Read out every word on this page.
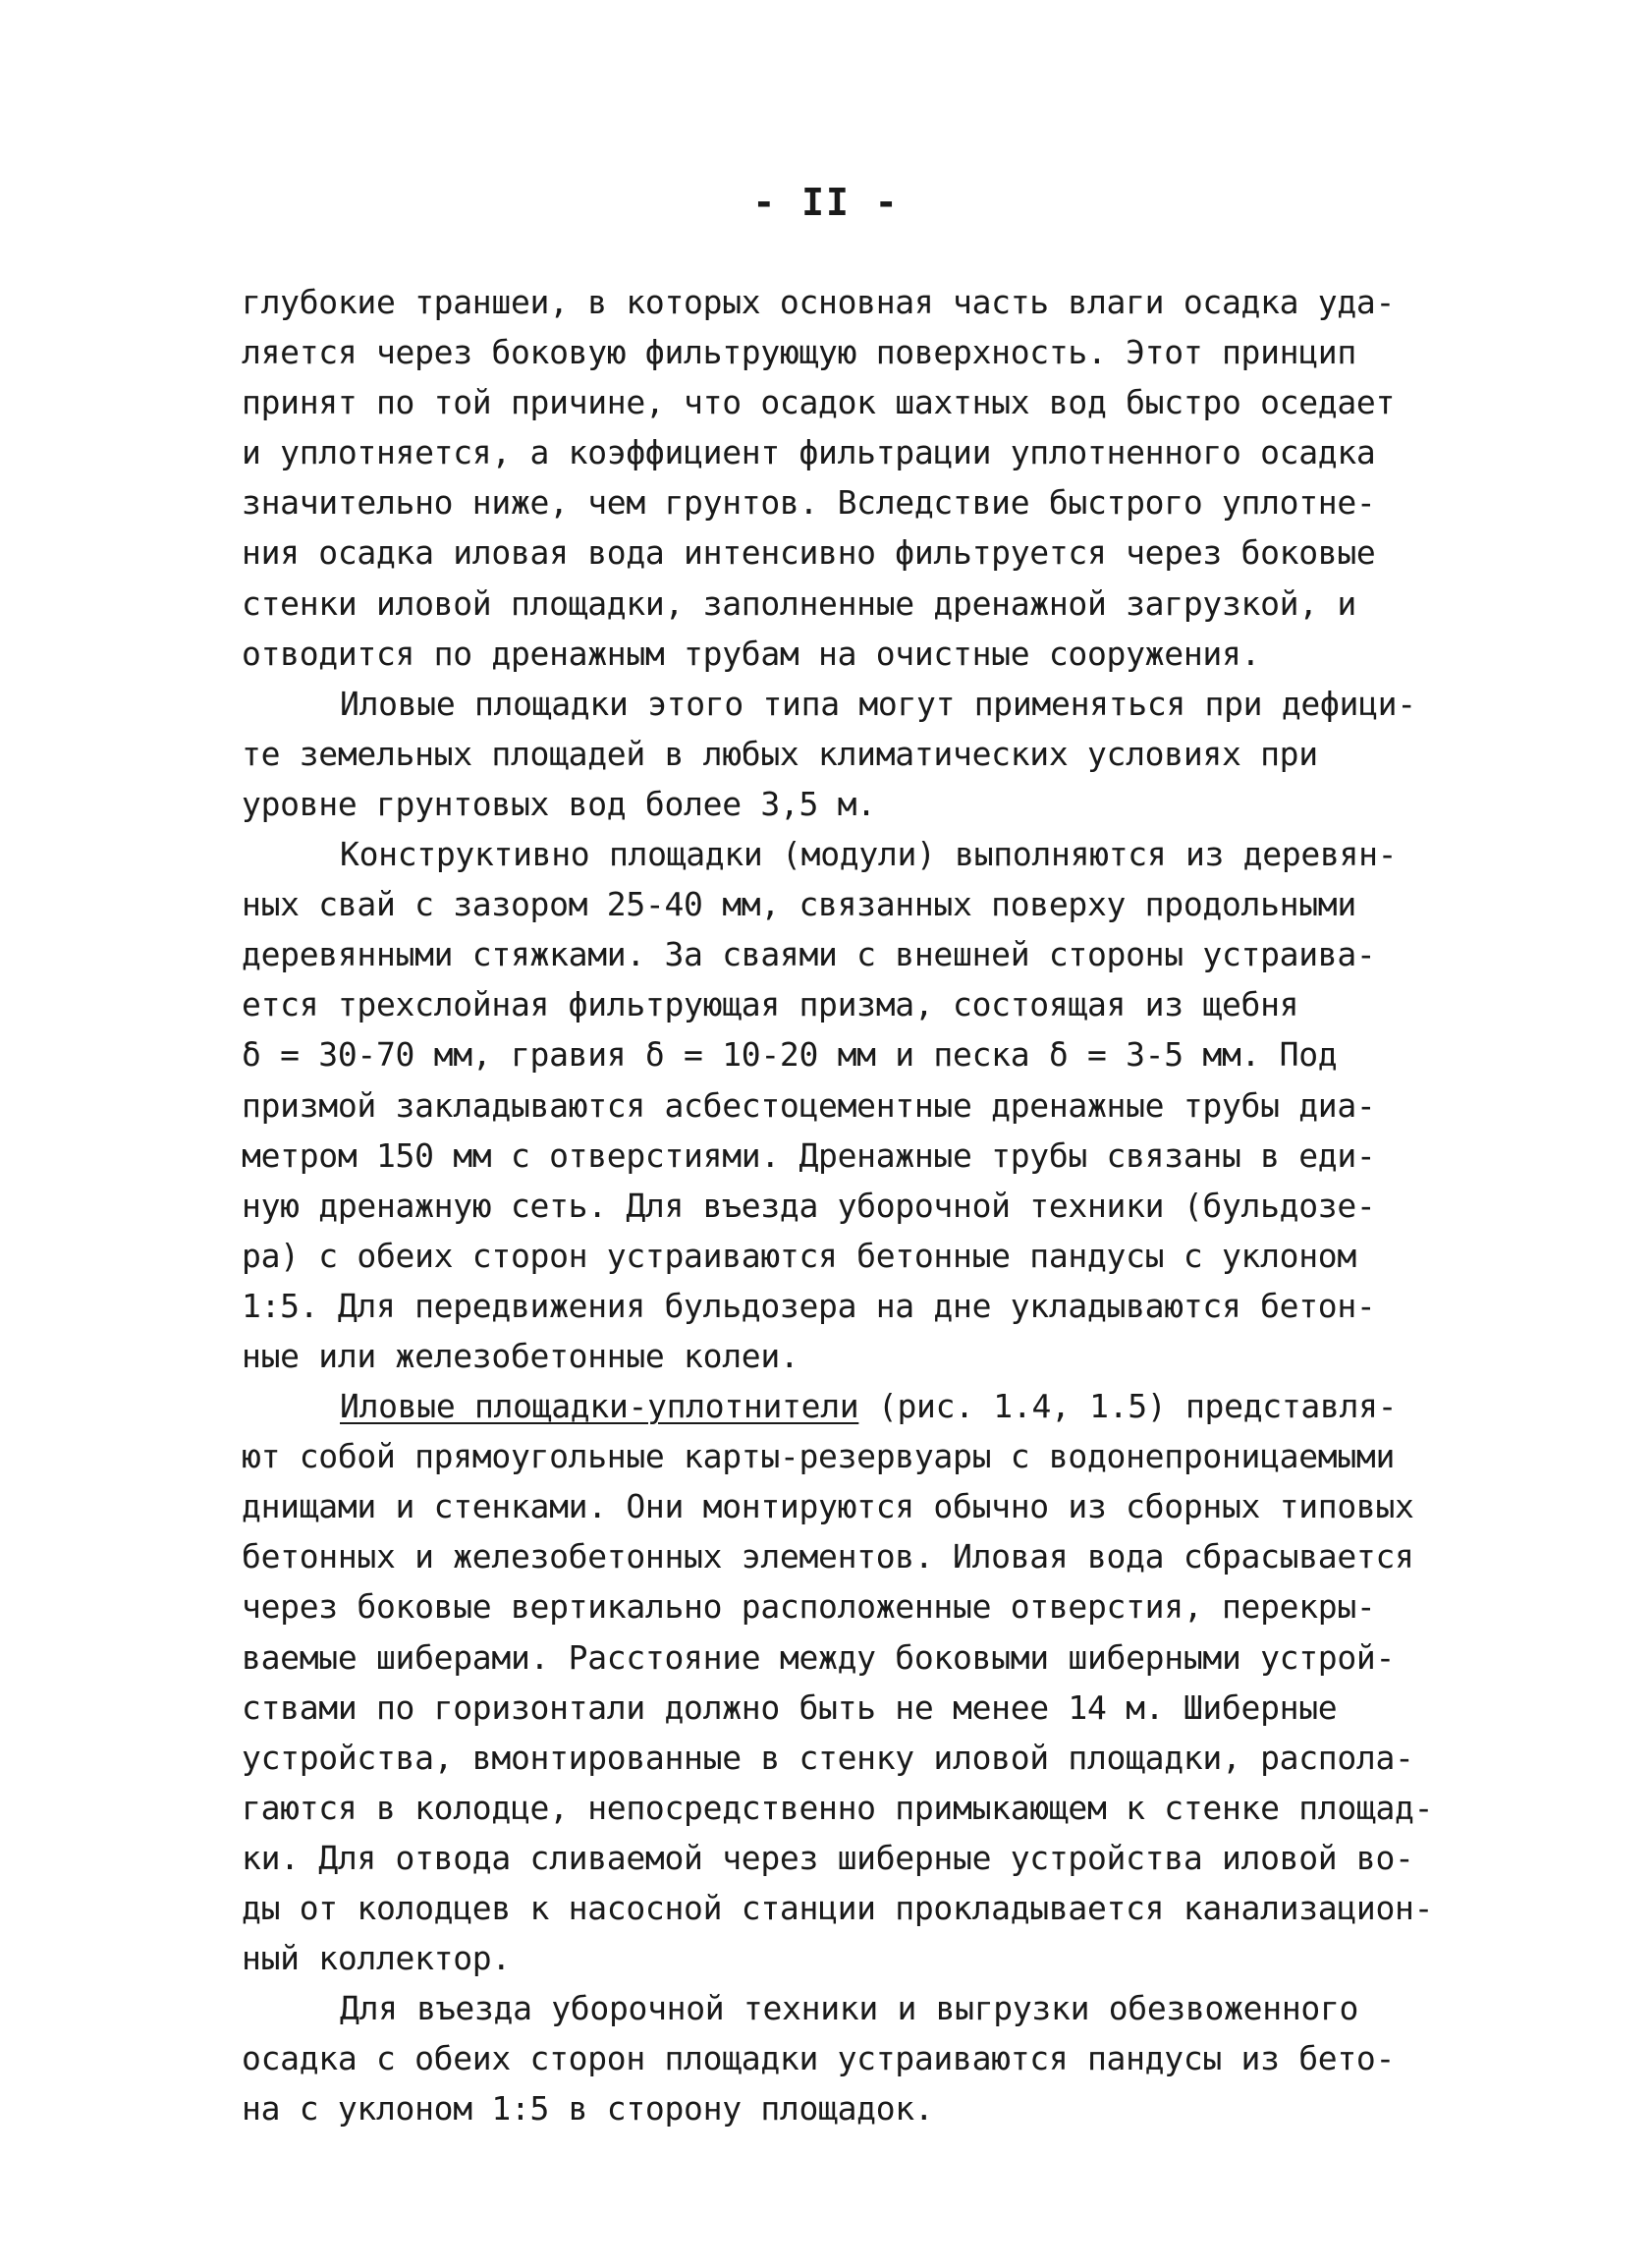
- II -
глубокие траншеи, в которых основная часть влаги осадка уда-
ляется через боковую фильтрующую поверхность. Этот принцип
принят по той причине, что осадок шахтных вод быстро оседает
и уплотняется, а коэффициент фильтрации уплотненного осадка
значительно ниже, чем грунтов. Вследствие быстрого уплотне-
ния осадка иловая вода интенсивно фильтруется через боковые
стенки иловой площадки, заполненные дренажной загрузкой, и
отводится по дренажным трубам на очистные сооружения.
Иловые площадки этого типа могут применяться при дефици-
те земельных площадей в любых климатических условиях при
уровне грунтовых вод более 3,5 м.
Конструктивно площадки (модули) выполняются из деревян-
ных свай с зазором 25-40 мм, связанных поверху продольными
деревянными стяжками. За сваями с внешней стороны устраива-
ется трехслойная фильтрующая призма, состоящая из щебня
δ = 30-70 мм, гравия δ = 10-20 мм и песка δ = 3-5 мм. Под
призмой закладываются асбестоцементные дренажные трубы диа-
метром 150 мм с отверстиями. Дренажные трубы связаны в еди-
ную дренажную сеть. Для въезда уборочной техники (бульдозе-
ра) с обеих сторон устраиваются бетонные пандусы с уклоном
1:5. Для передвижения бульдозера на дне укладываются бетон-
ные или железобетонные колеи.
Иловые площадки-уплотнители (рис. 1.4, 1.5) представля-
ют собой прямоугольные карты-резервуары с водонепроницаемыми
днищами и стенками. Они монтируются обычно из сборных типовых
бетонных и железобетонных элементов. Иловая вода сбрасывается
через боковые вертикально расположенные отверстия, перекры-
ваемые шиберами. Расстояние между боковыми шиберными устрой-
ствами по горизонтали должно быть не менее 14 м. Шиберные
устройства, вмонтированные в стенку иловой площадки, распола-
гаются в колодце, непосредственно примыкающем к стенке площад-
ки. Для отвода сливаемой через шиберные устройства иловой во-
ды от колодцев к насосной станции прокладывается канализацион-
ный коллектор.
Для въезда уборочной техники и выгрузки обезвоженного
осадка с обеих сторон площадки устраиваются пандусы из бето-
на с уклоном 1:5 в сторону площадок.
